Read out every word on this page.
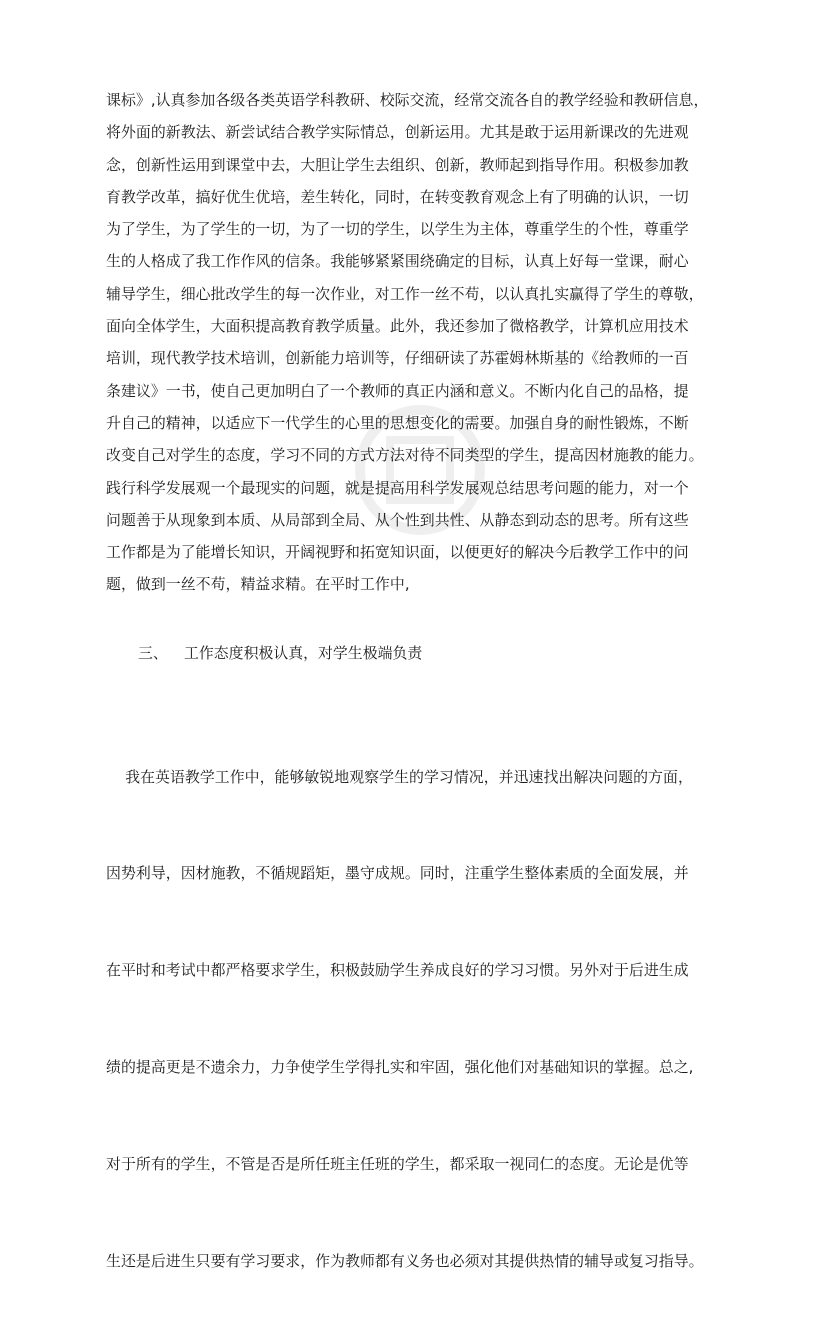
课标》,认真参加各级各类英语学科教研、校际交流，经常交流各自的教学经验和教研信息，
将外面的新教法、新尝试结合教学实际情总，创新运用。尤其是敢于运用新课改的先进观
念，创新性运用到课堂中去，大胆让学生去组织、创新，教师起到指导作用。积极参加教
育教学改革，搞好优生优培，差生转化，同时，在转变教育观念上有了明确的认识，一切
为了学生，为了学生的一切，为了一切的学生，以学生为主体，尊重学生的个性，尊重学
生的人格成了我工作作风的信条。我能够紧紧围绕确定的目标，认真上好每一堂课，耐心
辅导学生，细心批改学生的每一次作业，对工作一丝不苟，以认真扎实赢得了学生的尊敬，
面向全体学生，大面积提高教育教学质量。此外，我还参加了微格教学，计算机应用技术
培训，现代教学技术培训，创新能力培训等，仔细研读了苏霍姆林斯基的《给教师的一百
条建议》一书，使自己更加明白了一个教师的真正内涵和意义。不断内化自己的品格，提
升自己的精神，以适应下一代学生的心里的思想变化的需要。加强自身的耐性锻炼，不断
改变自己对学生的态度，学习不同的方式方法对待不同类型的学生，提高因材施教的能力。
践行科学发展观一个最现实的问题，就是提高用科学发展观总结思考问题的能力，对一个
问题善于从现象到本质、从局部到全局、从个性到共性、从静态到动态的思考。所有这些
工作都是为了能增长知识，开阔视野和拓宽知识面，以便更好的解决今后教学工作中的问
题，做到一丝不苟，精益求精。在平时工作中,
三、 工作态度积极认真，对学生极端负责

我在英语教学工作中，能够敏锐地观察学生的学习情况，并迅速找出解决问题的方面，

因势利导，因材施教，不循规蹈矩，墨守成规。同时，注重学生整体素质的全面发展，并

在平时和考试中都严格要求学生，积极鼓励学生养成良好的学习习惯。另外对于后进生成

绩的提高更是不遗余力，力争使学生学得扎实和牢固，强化他们对基础知识的掌握。总之,

对于所有的学生，不管是否是所任班主任班的学生，都采取一视同仁的态度。无论是优等

生还是后进生只要有学习要求，作为教师都有义务也必须对其提供热情的辅导或复习指导。
